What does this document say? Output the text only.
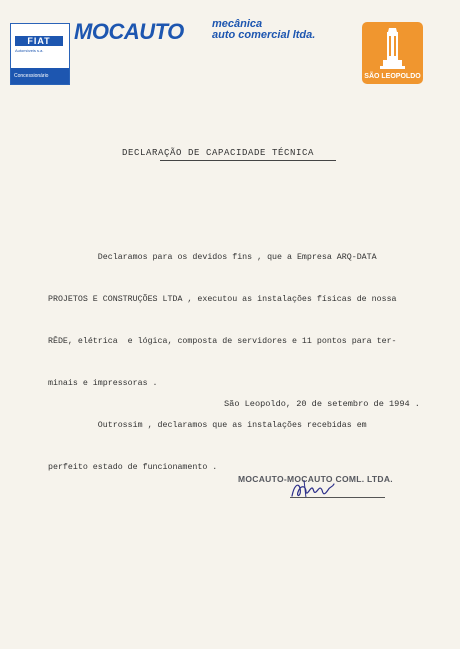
FIAT
Automóveis s.a.
Concessionário
MOCAUTO	mecânica
auto comercial ltda.
SÃO LEOPOLDO
DECLARAÇÃO DE CAPACIDADE TÉCNICA

Declaramos para os devidos fins , que a Empresa ARQ-DATA

PROJETOS E CONSTRUÇÕES LTDA , executou as instalações físicas de nossa

RÊDE, elétrica  e lógica, composta de servidores e 11 pontos para ter-

minais e impressoras .

Outrossim , declaramos que as instalações recebidas em

perfeito estado de funcionamento .

São Leopoldo, 20 de setembro de 1994 .
MOCAUTO-MOCAUTO COML. LTDA.
